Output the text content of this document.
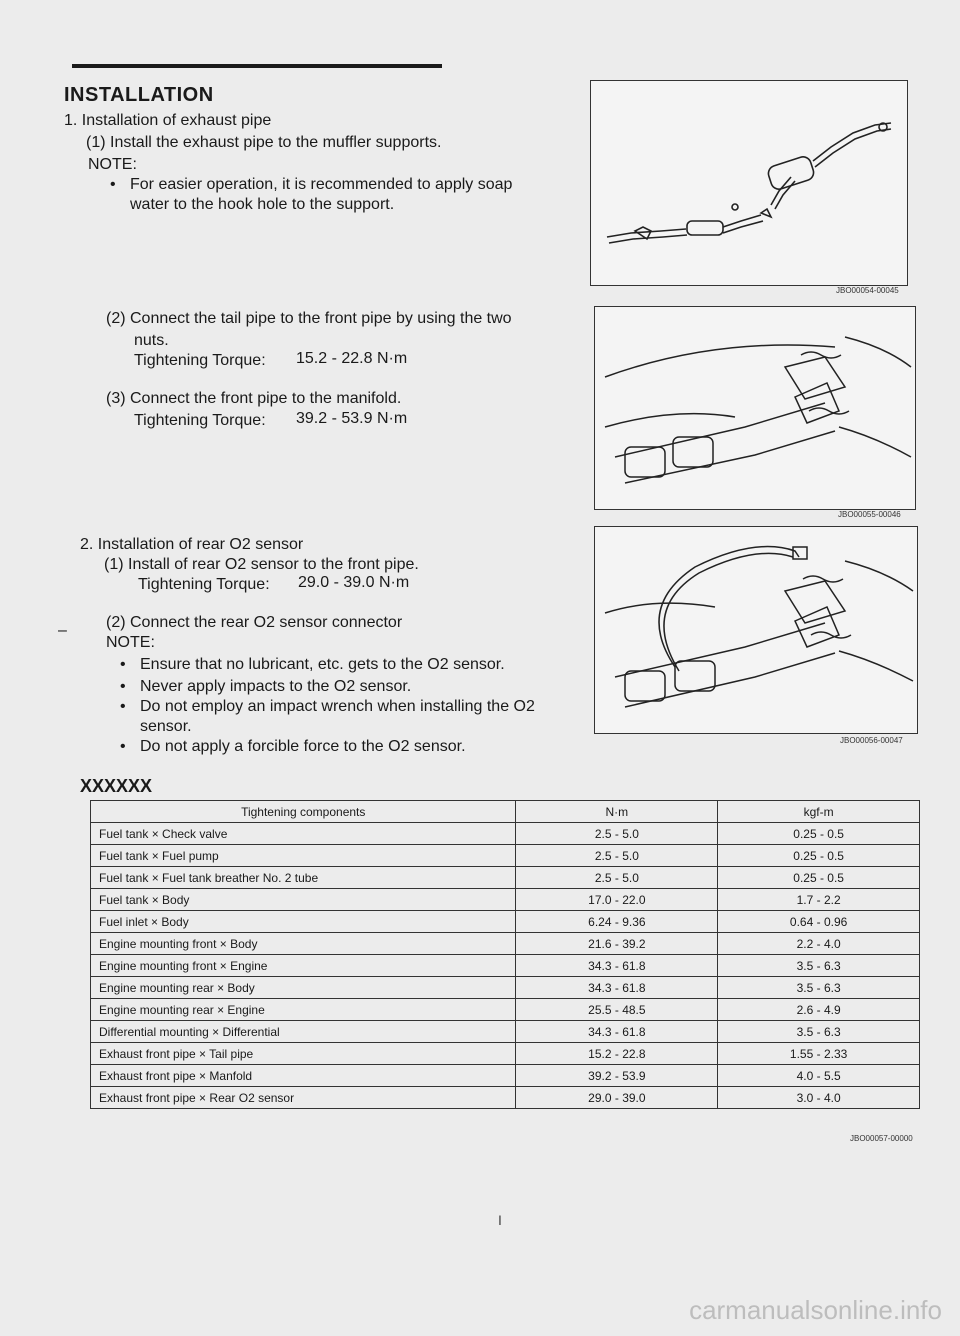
INSTALLATION
1. Installation of exhaust pipe
(1) Install the exhaust pipe to the muffler supports.
NOTE:
• For easier operation, it is recommended to apply soap
water to the hook hole to the support.
(2) Connect the tail pipe to the front pipe by using the two
nuts.
Tightening Torque: 15.2 - 22.8 N·m
(3) Connect the front pipe to the manifold.
Tightening Torque: 39.2 - 53.9 N·m
2. Installation of rear O2 sensor
(1) Install of rear O2 sensor to the front pipe.
Tightening Torque: 29.0 - 39.0 N·m
– (2) Connect the rear O2 sensor connector
NOTE:
• Ensure that no lubricant, etc. gets to the O2 sensor.
• Never apply impacts to the O2 sensor.
• Do not employ an impact wrench when installing the O2
sensor.
• Do not apply a forcible force to the O2 sensor.
JBO00054-00045
JBO00055-00046
JBO00056-00047
XXXXXX
Tightening components	N·m	kgf-m
Fuel tank × Check valve	2.5 - 5.0	0.25 - 0.5
Fuel tank × Fuel pump	2.5 - 5.0	0.25 - 0.5
Fuel tank × Fuel tank breather No. 2 tube	2.5 - 5.0	0.25 - 0.5
Fuel tank × Body	17.0 - 22.0	1.7 - 2.2
Fuel inlet × Body	6.24 - 9.36	0.64 - 0.96
Engine mounting front × Body	21.6 - 39.2	2.2 - 4.0
Engine mounting front × Engine	34.3 - 61.8	3.5 - 6.3
Engine mounting rear × Body	34.3 - 61.8	3.5 - 6.3
Engine mounting rear × Engine	25.5 - 48.5	2.6 - 4.9
Differential mounting × Differential	34.3 - 61.8	3.5 - 6.3
Exhaust front pipe × Tail pipe	15.2 - 22.8	1.55 - 2.33
Exhaust front pipe × Manfold	39.2 - 53.9	4.0 - 5.5
Exhaust front pipe × Rear O2 sensor	29.0 - 39.0	3.0 - 4.0
JBO00057-00000
I
carmanualsonline.info
